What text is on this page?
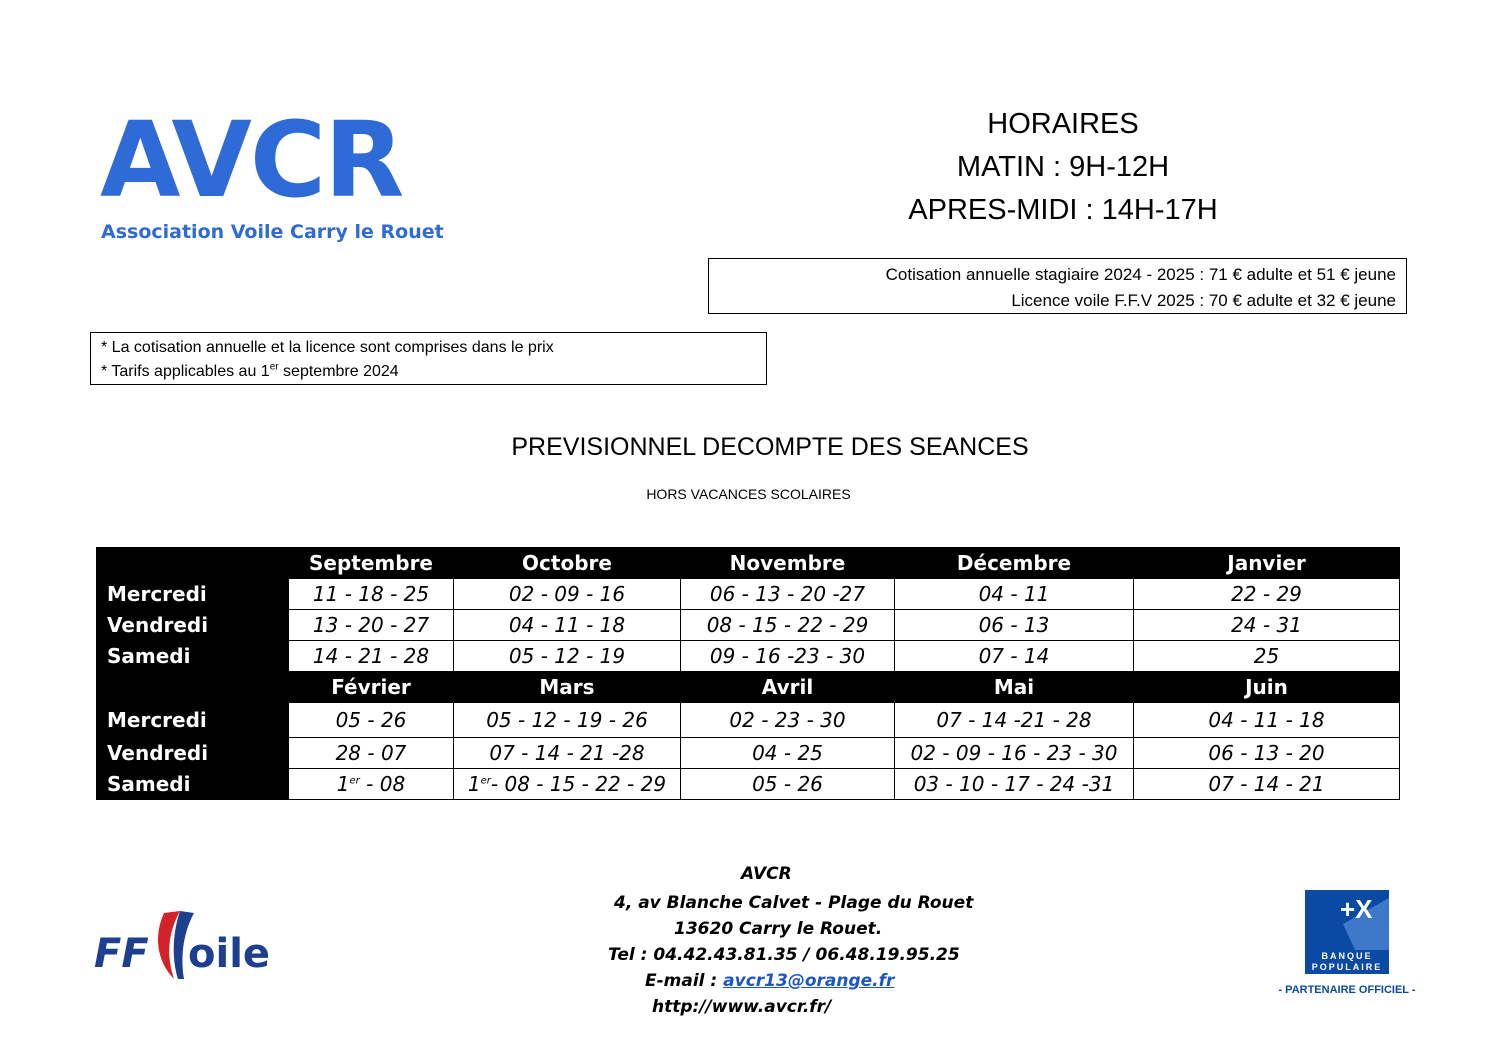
AVCR
Association Voile Carry le Rouet
HORAIRES
MATIN : 9H-12H
APRES-MIDI : 14H-17H
Cotisation annuelle stagiaire 2024 - 2025 : 71 € adulte et 51 € jeune
Licence voile F.F.V 2025 : 70 € adulte et 32 € jeune
* La cotisation annuelle et la licence sont comprises dans le prix
* Tarifs applicables au 1er septembre 2024
PREVISIONNEL DECOMPTE DES SEANCES
HORS VACANCES SCOLAIRES
	Septembre	Octobre	Novembre	Décembre	Janvier
Mercredi	11 - 18 - 25	02 - 09 - 16	06 - 13 - 20 -27	04 - 11	22 - 29
Vendredi	13 - 20 - 27	04 - 11 - 18	08 - 15 - 22 - 29	06 - 13	24 - 31
Samedi	14 - 21 - 28	05 - 12 - 19	09 - 16 -23 - 30	07 - 14	25
	Février	Mars	Avril	Mai	Juin
Mercredi	05 - 26	05 - 12 - 19 - 26	02 - 23 - 30	07 - 14 -21 - 28	04 - 11 - 18
Vendredi	28 - 07	07 - 14 - 21 -28	04 - 25	02 - 09 - 16 - 23 - 30	06 - 13 - 20
Samedi	1er - 08	1er- 08 - 15 - 22 - 29	05 - 26	03 - 10 - 17 - 24 -31	07 - 14 - 21
AVCR
4, av Blanche Calvet - Plage du Rouet
13620 Carry le Rouet.
Tel : 04.42.43.81.35 / 06.48.19.95.25
E-mail : avcr13@orange.fr
http://www.avcr.fr/
FF oile
+X
BANQUE
POPULAIRE
- PARTENAIRE OFFICIEL -
